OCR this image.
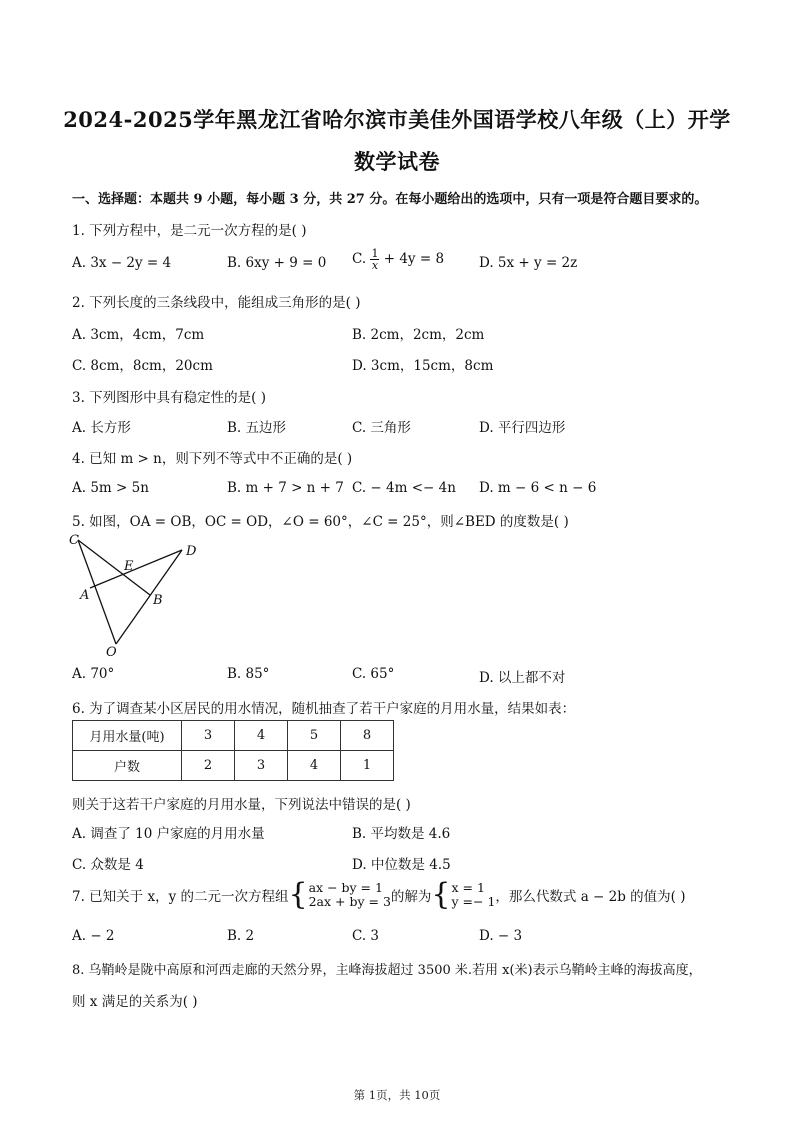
2024-2025学年黑龙江省哈尔滨市美佳外国语学校八年级（上）开学
数学试卷
一、选择题：本题共 9 小题，每小题 3 分，共 27 分。在每小题给出的选项中，只有一项是符合题目要求的。
1. 下列方程中，是二元一次方程的是( )
A. 3x − 2y = 4	B. 6xy + 9 = 0 C. $\frac{1}{x} + 4y = 8$	D. 5x + y = 2z
2. 下列长度的三条线段中，能组成三角形的是( )
A. 3cm，4cm，7cm	B. 2cm，2cm，2cm
C. 8cm，8cm，20cm	D. 3cm，15cm，8cm
3. 下列图形中具有稳定性的是( )
A. 长方形	B. 五边形	C. 三角形	D. 平行四边形
4. 已知 m > n，则下列不等式中不正确的是( )
A. 5m > 5n	B. m + 7 > n + 7 C. − 4m <− 4n D. m − 6 < n − 6
5. 如图，OA = OB，OC = OD，∠O = 60°，∠C = 25°，则∠BED 的度数是( )
C
D
E
A	B
O
A. 70°	B. 85°	C. 65°	D. 以上都不对
6. 为了调查某小区居民的用水情况，随机抽查了若干户家庭的月用水量，结果如表：
月用水量(吨)	3	4	5	8
户数	2	3	4	1
则关于这若干户家庭的月用水量，下列说法中错误的是( )
A. 调查了 10 户家庭的月用水量	B. 平均数是 4.6
C. 众数是 4	D. 中位数是 4.5
7. 已知关于 x，y 的二元一次方程组{ ax − by = 1
2ax + by = 3 的解为{ x = 1
y =− 1 ，那么代数式 a − 2b 的值为( )
A. − 2	B. 2	C. 3	D. − 3
8. 乌鞘岭是陇中高原和河西走廊的天然分界，主峰海拔超过 3500 米.若用 x(米)表示乌鞘岭主峰的海拔高度，
则 x 满足的关系为( )
第 1页，共 10页
